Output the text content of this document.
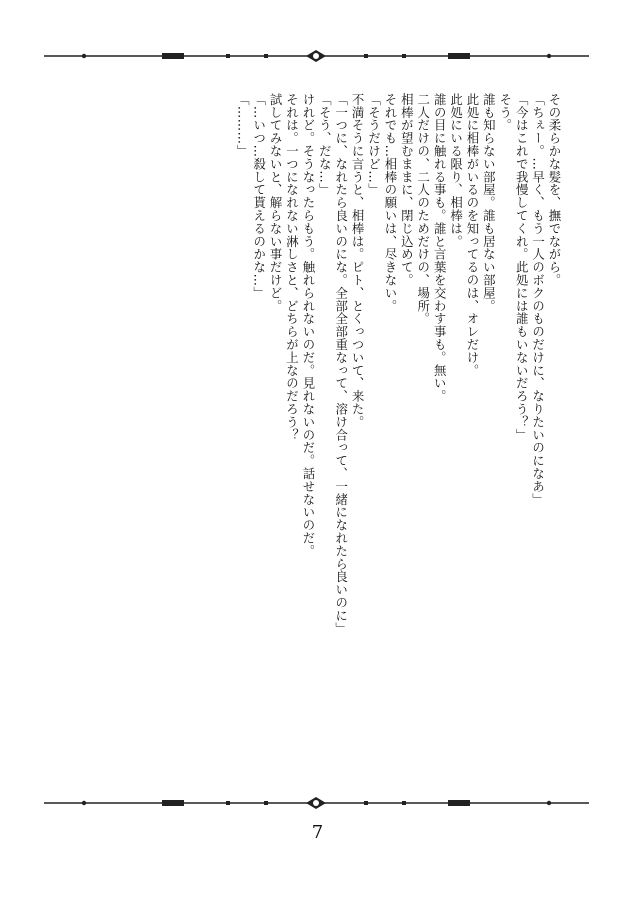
その柔らかな髪を、撫でながら。
「ちぇー。…早く、もう一人のボクのものだけに、なりたいのになあ」
「今はこれで我慢してくれ。此処には誰もいないだろう？」
そう。
誰も知らない部屋。誰も居ない部屋。
此処に相棒がいるのを知ってるのは、オレだけ。
此処にいる限り、相棒は。
誰の目に触れる事も。誰と言葉を交わす事も。無い。
二人だけの、二人のためだけの、場所。
相棒が望むままに、閉じ込めて。
それでも…相棒の願いは、尽きない。
「そうだけど…」
不満そうに言うと、相棒は。ピト、とくっついて、来た。
「一つに、なれたら良いのにな。全部全部重なって、溶け合って、一緒になれたら良いのに」
「そう、だな…」
けれど。そうなったらもう。触れられないのだ。見れないのだ。話せないのだ。
それは。一つになれない淋しさと、どちらが上なのだろう？
試してみないと、解らない事だけど。
「…いつ…殺して貰えるのかな…」
「………」
7
